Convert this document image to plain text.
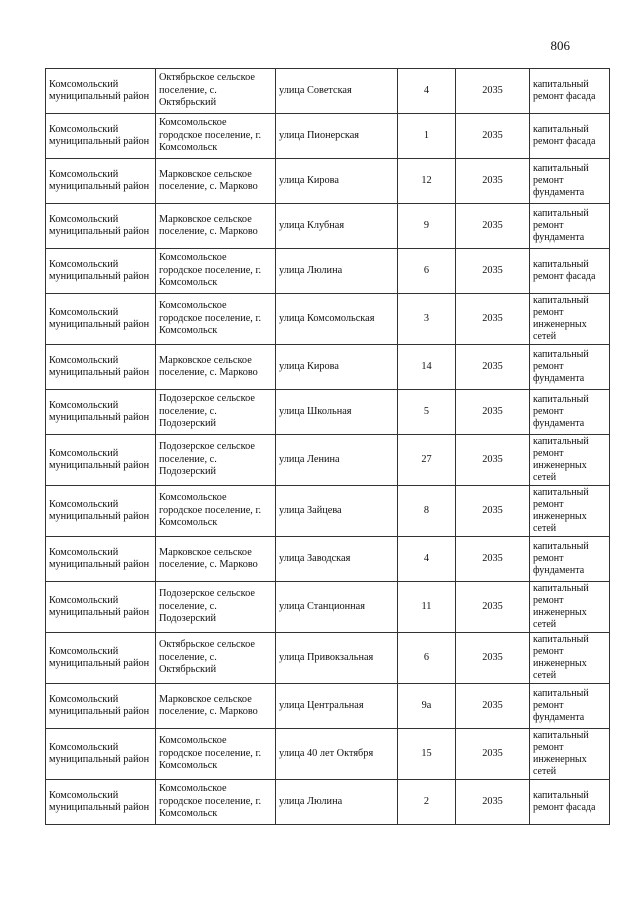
806
Комсомольский муниципальный район	Октябрьское сельское поселение, с. Октябрьский	улица Советская	4	2035	капитальный ремонт фасада
Комсомольский муниципальный район	Комсомольское городское поселение, г. Комсомольск	улица Пионерская	1	2035	капитальный ремонт фасада
Комсомольский муниципальный район	Марковское сельское поселение, с. Марково	улица Кирова	12	2035	капитальный ремонт фундамента
Комсомольский муниципальный район	Марковское сельское поселение, с. Марково	улица Клубная	9	2035	капитальный ремонт фундамента
Комсомольский муниципальный район	Комсомольское городское поселение, г. Комсомольск	улица Люлина	6	2035	капитальный ремонт фасада
Комсомольский муниципальный район	Комсомольское городское поселение, г. Комсомольск	улица Комсомольская	3	2035	капитальный ремонт инженерных сетей
Комсомольский муниципальный район	Марковское сельское поселение, с. Марково	улица Кирова	14	2035	капитальный ремонт фундамента
Комсомольский муниципальный район	Подозерское сельское поселение, с. Подозерский	улица Школьная	5	2035	капитальный ремонт фундамента
Комсомольский муниципальный район	Подозерское сельское поселение, с. Подозерский	улица Ленина	27	2035	капитальный ремонт инженерных сетей
Комсомольский муниципальный район	Комсомольское городское поселение, г. Комсомольск	улица Зайцева	8	2035	капитальный ремонт инженерных сетей
Комсомольский муниципальный район	Марковское сельское поселение, с. Марково	улица Заводская	4	2035	капитальный ремонт фундамента
Комсомольский муниципальный район	Подозерское сельское поселение, с. Подозерский	улица Станционная	11	2035	капитальный ремонт инженерных сетей
Комсомольский муниципальный район	Октябрьское сельское поселение, с. Октябрьский	улица Привокзальная	6	2035	капитальный ремонт инженерных сетей
Комсомольский муниципальный район	Марковское сельское поселение, с. Марково	улица Центральная	9а	2035	капитальный ремонт фундамента
Комсомольский муниципальный район	Комсомольское городское поселение, г. Комсомольск	улица 40 лет Октября	15	2035	капитальный ремонт инженерных сетей
Комсомольский муниципальный район	Комсомольское городское поселение, г. Комсомольск	улица Люлина	2	2035	капитальный ремонт фасада
